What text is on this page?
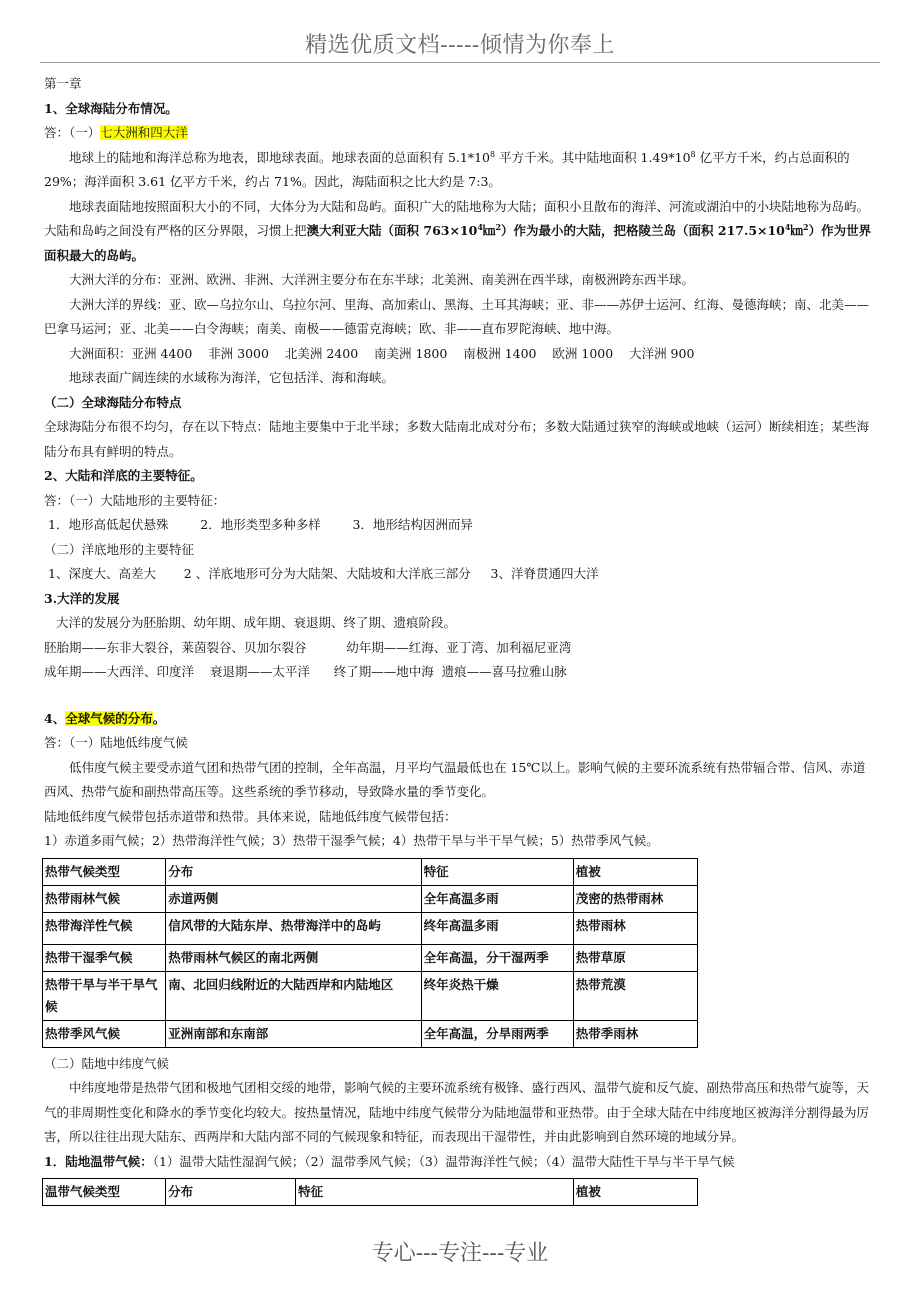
精选优质文档-----倾情为你奉上

第一章

1、全球海陆分布情况。

答：（一）七大洲和四大洋

地球上的陆地和海洋总称为地表，即地球表面。地球表面的总面积有 $5.1*10^8$ 平方千米。其中陆地面积 $1.49*10^8$ 亿平方千米，约占总面积的 29%；海洋面积 3.61 亿平方千米，约占 71%。因此，海陆面积之比大约是 7:3。

地球表面陆地按照面积大小的不同，大体分为大陆和岛屿。面积广大的陆地称为大陆；面积小且散布的海洋、河流或湖泊中的小块陆地称为岛屿。大陆和岛屿之间没有严格的区分界限，习惯上把澳大利亚大陆（面积 $763\times 10^4㎞^2$）作为最小的大陆，把格陵兰岛（面积 $217.5\times 10^4㎞^2$）作为世界面积最大的岛屿。

大洲大洋的分布：亚洲、欧洲、非洲、大洋洲主要分布在东半球；北美洲、南美洲在西半球，南极洲跨东西半球。

大洲大洋的界线：亚、欧—乌拉尔山、乌拉尔河、里海、高加索山、黑海、土耳其海峡；亚、非——苏伊士运河、红海、曼德海峡；南、北美——巴拿马运河；亚、北美——白令海峡；南美、南极——德雷克海峡；欧、非——直布罗陀海峡、地中海。

大洲面积：亚洲 4400    非洲 3000    北美洲 2400    南美洲 1800    南极洲 1400    欧洲 1000    大洋洲 900

地球表面广阔连续的水域称为海洋，它包括洋、海和海峡。

（二）全球海陆分布特点

全球海陆分布很不均匀，存在以下特点：陆地主要集中于北半球；多数大陆南北成对分布；多数大陆通过狭窄的海峡或地峡（运河）断续相连；某些海陆分布具有鲜明的特点。

2、大陆和洋底的主要特征。

答：（一）大陆地形的主要特征：

1．地形高低起伏悬殊        2．地形类型多种多样        3．地形结构因洲而异

（二）洋底地形的主要特征

1、深度大、高差大       2 、洋底地形可分为大陆架、大陆坡和大洋底三部分     3、洋脊贯通四大洋

3.大洋的发展

大洋的发展分为胚胎期、幼年期、成年期、衰退期、终了期、遗痕阶段。

胚胎期——东非大裂谷，莱茵裂谷、贝加尔裂谷          幼年期——红海、亚丁湾、加利福尼亚湾

成年期——大西洋、印度洋    衰退期——太平洋      终了期——地中海  遗痕——喜马拉雅山脉

4、全球气候的分布。

答：（一）陆地低纬度气候

低伟度气候主要受赤道气团和热带气团的控制，全年高温，月平均气温最低也在 15℃以上。影响气候的主要环流系统有热带辐合带、信风、赤道西风、热带气旋和副热带高压等。这些系统的季节移动，导致降水量的季节变化。

陆地低纬度气候带包括赤道带和热带。具体来说，陆地低纬度气候带包括：

1）赤道多雨气候；2）热带海洋性气候；3）热带干湿季气候；4）热带干旱与半干旱气候；5）热带季风气候。

热带气候类型	分布	特征	植被
热带雨林气候	赤道两侧	全年高温多雨	茂密的热带雨林
热带海洋性气候	信风带的大陆东岸、热带海洋中的岛屿	终年高温多雨	热带雨林
热带干湿季气候	热带雨林气候区的南北两侧	全年高温，分干湿两季	热带草原
热带干旱与半干旱气候	南、北回归线附近的大陆西岸和内陆地区	终年炎热干燥	热带荒漠
热带季风气候	亚洲南部和东南部	全年高温，分旱雨两季	热带季雨林

（二）陆地中纬度气候

中纬度地带是热带气团和极地气团相交绥的地带，影响气候的主要环流系统有极锋、盛行西风、温带气旋和反气旋、副热带高压和热带气旋等，天气的非周期性变化和降水的季节变化均较大。按热量情况，陆地中纬度气候带分为陆地温带和亚热带。由于全球大陆在中纬度地区被海洋分割得最为厉害，所以往往出现大陆东、西两岸和大陆内部不同的气候现象和特征，而表现出干湿带性，并由此影响到自然环境的地域分异。

1．陆地温带气候：（1）温带大陆性湿润气候；（2）温带季风气候；（3）温带海洋性气候；（4）温带大陆性干旱与半干旱气候

温带气候类型	分布	特征	植被
专心---专注---专业
